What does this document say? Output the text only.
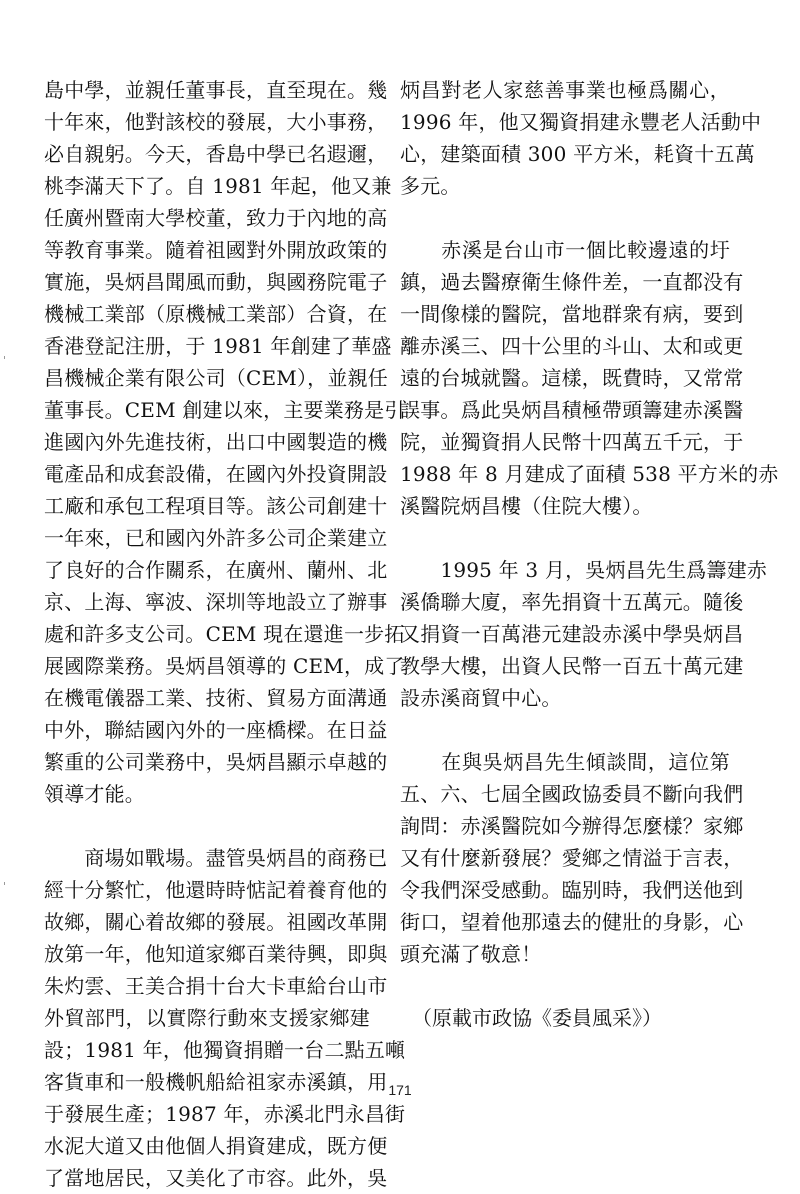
島中學，並親任董事長，直至現在。幾
十年來，他對該校的發展，大小事務，
必自親躬。今天，香島中學已名遐邇，
桃李滿天下了。自 1981 年起，他又兼
任廣州暨南大學校董，致力于內地的高
等教育事業。隨着祖國對外開放政策的
實施，吳炳昌聞風而動，與國務院電子
機械工業部（原機械工業部）合資，在
香港登記注册，于 1981 年創建了華盛
昌機械企業有限公司（CEM），並親任
董事長。CEM 創建以來，主要業務是引
進國內外先進技術，出口中國製造的機
電產品和成套設備，在國內外投資開設
工廠和承包工程項目等。該公司創建十
一年來，已和國內外許多公司企業建立
了良好的合作關系，在廣州、蘭州、北
京、上海、寧波、深圳等地設立了辦事
處和許多支公司。CEM 現在還進一步拓
展國際業務。吳炳昌領導的 CEM，成了
在機電儀器工業、技術、貿易方面溝通
中外，聯結國內外的一座橋樑。在日益
繁重的公司業務中，吳炳昌顯示卓越的
領導才能。
　　商場如戰場。盡管吳炳昌的商務已
經十分繁忙，他還時時惦記着養育他的
故鄉，關心着故鄉的發展。祖國改革開
放第一年，他知道家鄉百業待興，即與
朱灼雲、王美合捐十台大卡車給台山市
外貿部門，以實際行動來支援家鄉建
設；1981 年，他獨資捐贈一台二點五噸
客貨車和一般機帆船給祖家赤溪鎮，用
于發展生產；1987 年，赤溪北門永昌街
水泥大道又由他個人捐資建成，既方便
了當地居民，又美化了市容。此外，吳
炳昌對老人家慈善事業也極爲關心，
1996 年，他又獨資捐建永豐老人活動中
心，建築面積 300 平方米，耗資十五萬
多元。
　　赤溪是台山市一個比較邊遠的圩
鎮，過去醫療衛生條件差，一直都没有
一間像樣的醫院，當地群衆有病，要到
離赤溪三、四十公里的斗山、太和或更
遠的台城就醫。這樣，既費時，又常常
誤事。爲此吳炳昌積極帶頭籌建赤溪醫
院，並獨資捐人民幣十四萬五千元，于
1988 年 8 月建成了面積 538 平方米的赤
溪醫院炳昌樓（住院大樓）。
　　1995 年 3 月，吳炳昌先生爲籌建赤
溪僑聯大廈，率先捐資十五萬元。隨後
又捐資一百萬港元建設赤溪中學吳炳昌
教學大樓，出資人民幣一百五十萬元建
設赤溪商貿中心。
　　在與吳炳昌先生傾談間，這位第
五、六、七屆全國政協委員不斷向我們
詢問：赤溪醫院如今辦得怎麼樣？家鄉
又有什麼新發展？愛鄉之情溢于言表，
令我們深受感動。臨别時，我們送他到
街口，望着他那遠去的健壯的身影，心
頭充滿了敬意！
（原載市政協《委員風采》）
171
